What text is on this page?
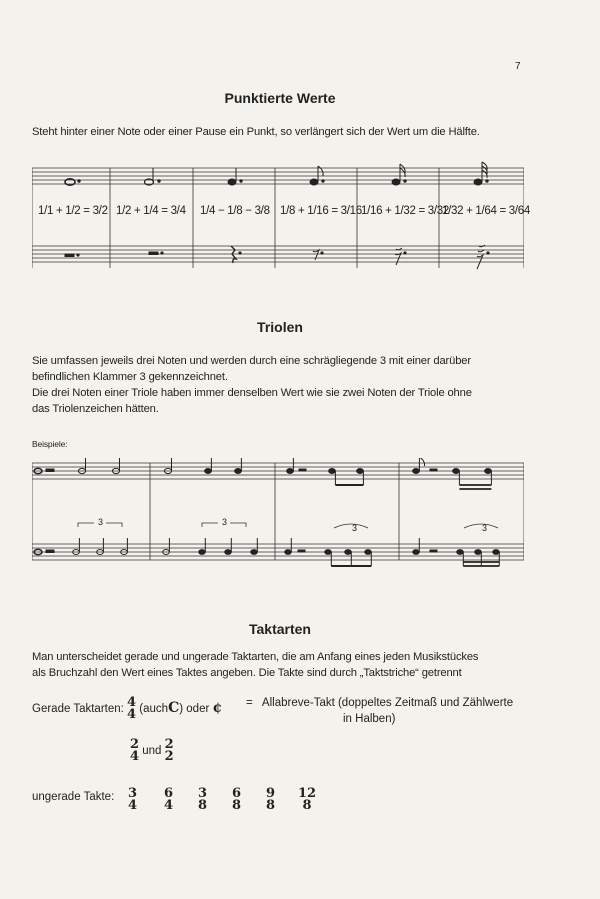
7
Punktierte Werte
Steht hinter einer Note oder einer Pause ein Punkt, so verlängert sich der Wert um die Hälfte.
1/1 + 1/2 = 3/2 1/2 + 1/4 = 3/4 1/4 − 1/8 − 3/8 1/8 + 1/16 = 3/16 1/16 + 1/32 = 3/32
1/32 + 1/64 = 3/64
Triolen
Sie umfassen jeweils drei Noten und werden durch eine schrägliegende 3 mit einer darüber
befindlichen Klammer 3 gekennzeichnet.
Die drei Noten einer Triole haben immer denselben Wert wie sie zwei Noten der Triole ohne
das Triolenzeichen hätten.
Beispiele:
3	3
3	3
Taktarten
Man unterscheidet gerade und ungerade Taktarten, die am Anfang eines jeden Musikstückes
als Bruchzahl den Wert eines Taktes angeben. Die Takte sind durch „Taktstriche“ getrennt
Gerade Taktarten: 4
4 (auchC) oder ¢ = Allabreve-Takt (doppeltes Zeitmaß und Zählwerte
in Halben)
2
4 und 2
2
ungerade Takte: 3
4
6
4
3
8
6
8
9
8
12
8
